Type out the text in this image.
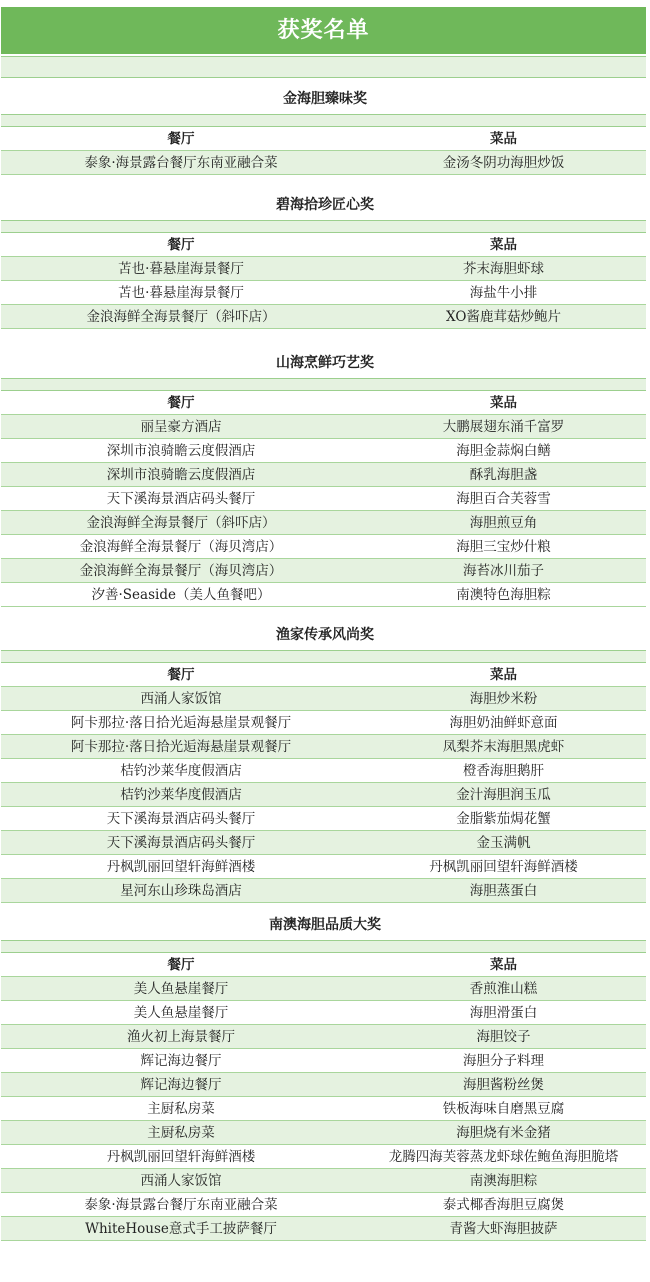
获奖名单
金海胆臻味奖
餐厅	菜品
泰象·海景露台餐厅东南亚融合菜	金汤冬阴功海胆炒饭
碧海拾珍匠心奖
餐厅	菜品
苫也·暮悬崖海景餐厅	芥末海胆虾球
苫也·暮悬崖海景餐厅	海盐牛小排
金浪海鲜全海景餐厅（斜吓店）	XO酱鹿茸菇炒鲍片
山海烹鲜巧艺奖
餐厅	菜品
丽呈豪方酒店	大鹏展翅东涌千富罗
深圳市浪骑瞻云度假酒店	海胆金蒜焖白鳝
深圳市浪骑瞻云度假酒店	酥乳海胆盏
天下溪海景酒店码头餐厅	海胆百合芙蓉雪
金浪海鲜全海景餐厅（斜吓店）	海胆煎豆角
金浪海鲜全海景餐厅（海贝湾店）	海胆三宝炒什粮
金浪海鲜全海景餐厅（海贝湾店）	海苔冰川茄子
汐善·Seaside（美人鱼餐吧）	南澳特色海胆粽
渔家传承风尚奖
餐厅	菜品
西涌人家饭馆	海胆炒米粉
阿卡那拉·落日拾光逅海悬崖景观餐厅	海胆奶油鲜虾意面
阿卡那拉·落日拾光逅海悬崖景观餐厅	凤梨芥末海胆黑虎虾
桔钓沙莱华度假酒店	橙香海胆鹅肝
桔钓沙莱华度假酒店	金汁海胆润玉瓜
天下溪海景酒店码头餐厅	金脂紫茄焗花蟹
天下溪海景酒店码头餐厅	金玉满帆
丹枫凯丽回望轩海鲜酒楼	丹枫凯丽回望轩海鲜酒楼
星河东山珍珠岛酒店	海胆蒸蛋白
南澳海胆品质大奖
餐厅	菜品
美人鱼悬崖餐厅	香煎淮山糕
美人鱼悬崖餐厅	海胆滑蛋白
渔火初上海景餐厅	海胆饺子
辉记海边餐厅	海胆分子料理
辉记海边餐厅	海胆酱粉丝煲
主厨私房菜	铁板海味自磨黑豆腐
主厨私房菜	海胆烧有米金猪
丹枫凯丽回望轩海鲜酒楼	龙腾四海芙蓉蒸龙虾球佐鲍鱼海胆脆塔
西涌人家饭馆	南澳海胆粽
泰象·海景露台餐厅东南亚融合菜	泰式椰香海胆豆腐煲
WhiteHouse意式手工披萨餐厅	青酱大虾海胆披萨
